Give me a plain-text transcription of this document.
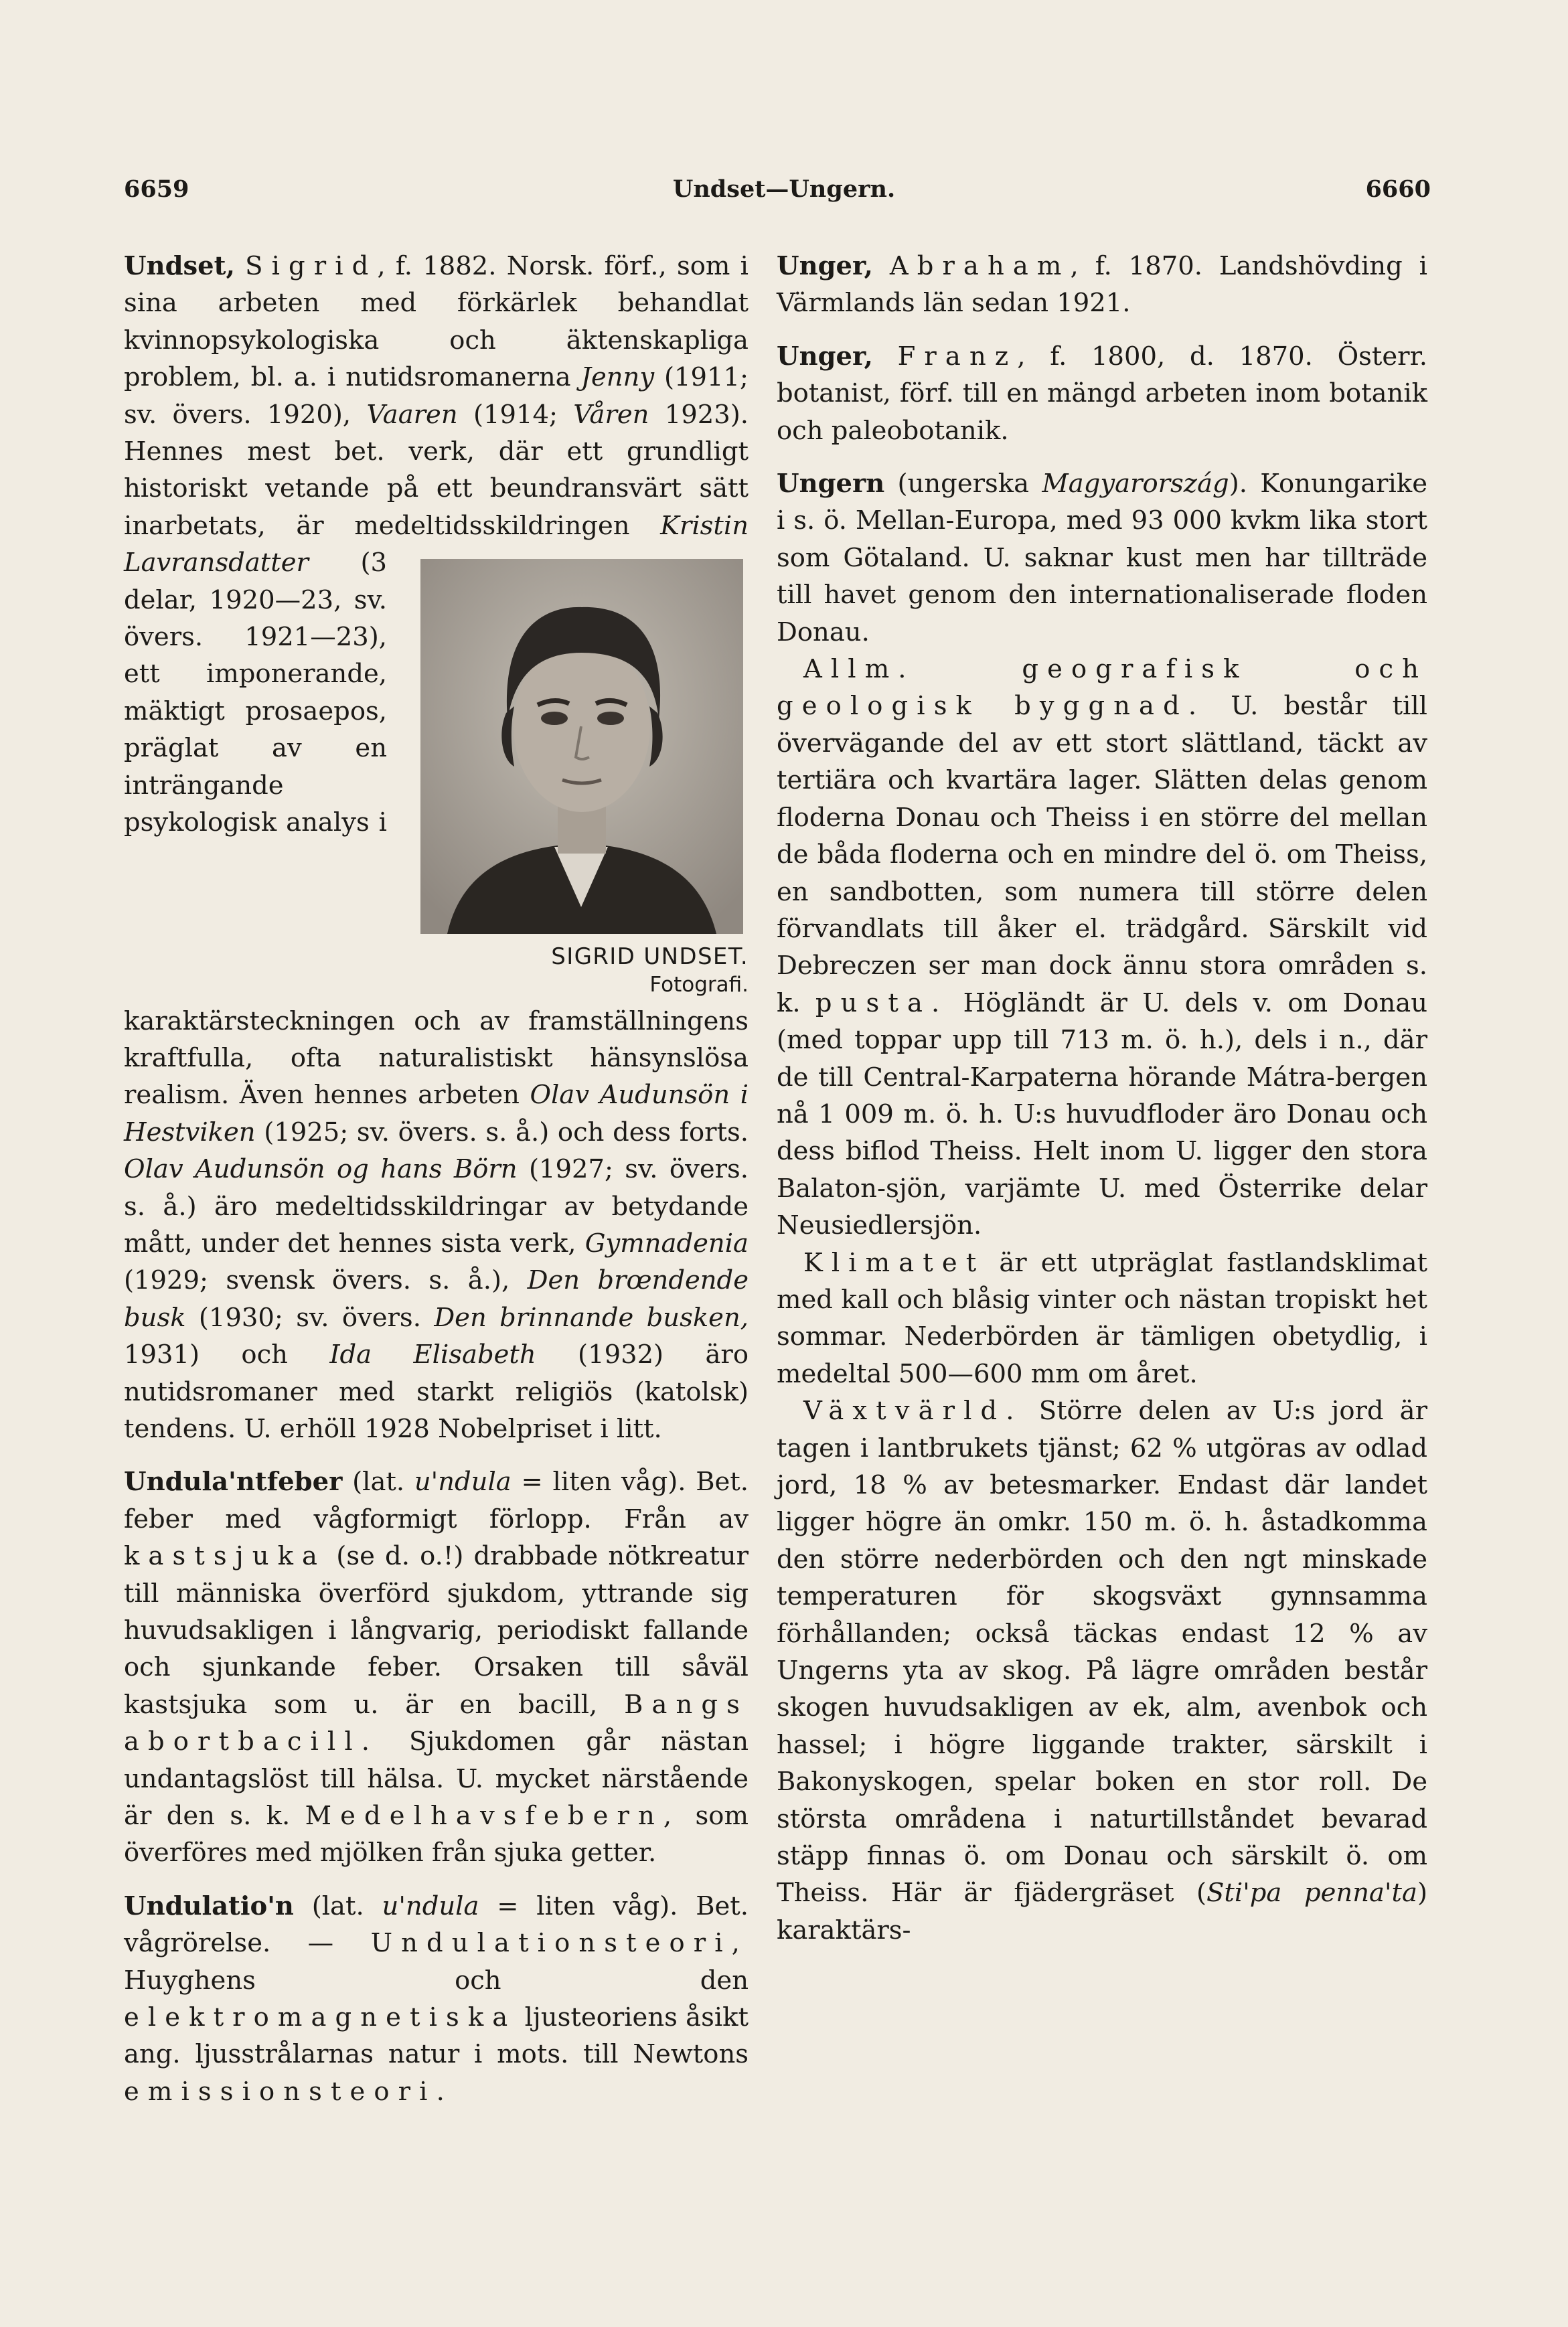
Undset—Ungern.
6659	6660

Undset, Sigrid, f. 1882. Norsk. förf., som i sina arbeten med förkärlek behandlat kvinnopsykologiska och äktenskapliga problem, bl. a. i nutidsromanerna Jenny (1911; sv. övers. 1920), Vaaren (1914; Våren 1923). Hennes mest bet. verk, där ett grundligt historiskt vetande på ett beundransvärt sätt inarbetats, är medeltidsskildringen
SIGRID UNDSET.
Fotografi.
Kristin Lavransdatter (3 delar, 1920—23, sv. övers. 1921—23), ett imponerande, mäktigt prosaepos, präglat av en inträngande psykologisk analys i karaktärsteckningen och av framställningens kraftfulla, ofta naturalistiskt hänsynslösa realism. Även hennes arbeten Olav Audunsön i Hestviken (1925; sv. övers. s. å.) och dess forts. Olav Audunsön og hans Börn (1927; sv. övers. s. å.) äro medeltidsskildringar av betydande mått, under det hennes sista verk, Gymnadenia (1929; svensk övers. s. å.), Den brœndende busk (1930; sv. övers. Den brinnande busken, 1931) och Ida Elisabeth (1932) äro nutidsromaner med starkt religiös (katolsk) tendens. U. erhöll 1928 Nobelpriset i litt.

Undula'ntfeber (lat. u'ndula = liten våg). Bet. feber med vågformigt förlopp. Från av kastsjuka (se d. o.!) drabbade nötkreatur till människa överförd sjukdom, yttrande sig huvudsakligen i långvarig, periodiskt fallande och sjunkande feber. Orsaken till såväl kastsjuka som u. är en bacill, Bangs abortbacill. Sjukdomen går nästan undantagslöst till hälsa. U. mycket närstående är den s. k. Medelhavsfebern, som överföres med mjölken från sjuka getter.

Undulatio'n (lat. u'ndula = liten våg). Bet. vågrörelse. — Undulationsteori, Huyghens och den elektromagnetiska ljusteoriens åsikt ang. ljusstrålarnas natur i mots. till Newtons emissionsteori.

Unger, Abraham, f. 1870. Landshövding i Värmlands län sedan 1921.

Unger, Franz, f. 1800, d. 1870. Österr. botanist, förf. till en mängd arbeten inom botanik och paleobotanik.

Ungern (ungerska Magyarország). Konungarike i s. ö. Mellan-Europa, med 93 000 kvkm lika stort som Götaland. U. saknar kust men har tillträde till havet genom den internationaliserade floden Donau.

Allm. geografisk och geologisk byggnad. U. består till övervägande del av ett stort slättland, täckt av tertiära och kvartära lager. Slätten delas genom floderna Donau och Theiss i en större del mellan de båda floderna och en mindre del ö. om Theiss, en sandbotten, som numera till större delen förvandlats till åker el. trädgård. Särskilt vid Debreczen ser man dock ännu stora områden s. k. pusta. Högländt är U. dels v. om Donau (med toppar upp till 713 m. ö. h.), dels i n., där de till Central-Karpaterna hörande Mátra-bergen nå 1 009 m. ö. h. U:s huvudfloder äro Donau och dess biflod Theiss. Helt inom U. ligger den stora Balaton-sjön, varjämte U. med Österrike delar Neusiedlersjön.

Klimatet är ett utpräglat fastlandsklimat med kall och blåsig vinter och nästan tropiskt het sommar. Nederbörden är tämligen obetydlig, i medeltal 500—600 mm om året.

Växtvärld. Större delen av U:s jord är tagen i lantbrukets tjänst; 62 % utgöras av odlad jord, 18 % av betesmarker. Endast där landet ligger högre än omkr. 150 m. ö. h. åstadkomma den större nederbörden och den ngt minskade temperaturen för skogsväxt gynnsamma förhållanden; också täckas endast 12 % av Ungerns yta av skog. På lägre områden består skogen huvudsakligen av ek, alm, avenbok och hassel; i högre liggande trakter, särskilt i Bakonyskogen, spelar boken en stor roll. De största områdena i naturtillståndet bevarad stäpp finnas ö. om Donau och särskilt ö. om Theiss. Här är fjädergräset (Sti'pa penna'ta) karaktärs-
